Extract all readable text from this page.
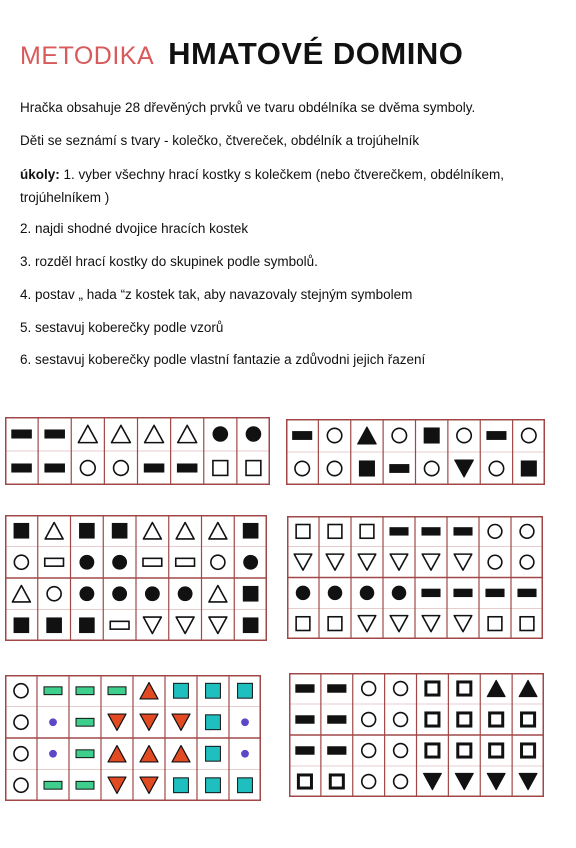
METODIKA HMATOVÉ DOMINO
Hračka obsahuje 28 dřevěných prvků ve tvaru obdélníka se dvěma symboly.
Děti se seznámí s tvary - kolečko, čtvereček, obdélník a trojúhelník
úkoly: 1. vyber všechny hrací kostky s kolečkem (nebo čtverečkem, obdélníkem, trojúhelníkem )
2. najdi shodné dvojice hracích kostek
3. rozděl hrací kostky do skupinek podle symbolů.
4. postav „ hada “z kostek tak, aby navazovaly stejným symbolem
5. sestavuj koberečky podle vzorů
6. sestavuj koberečky podle vlastní fantazie a zdůvodni jejich řazení
